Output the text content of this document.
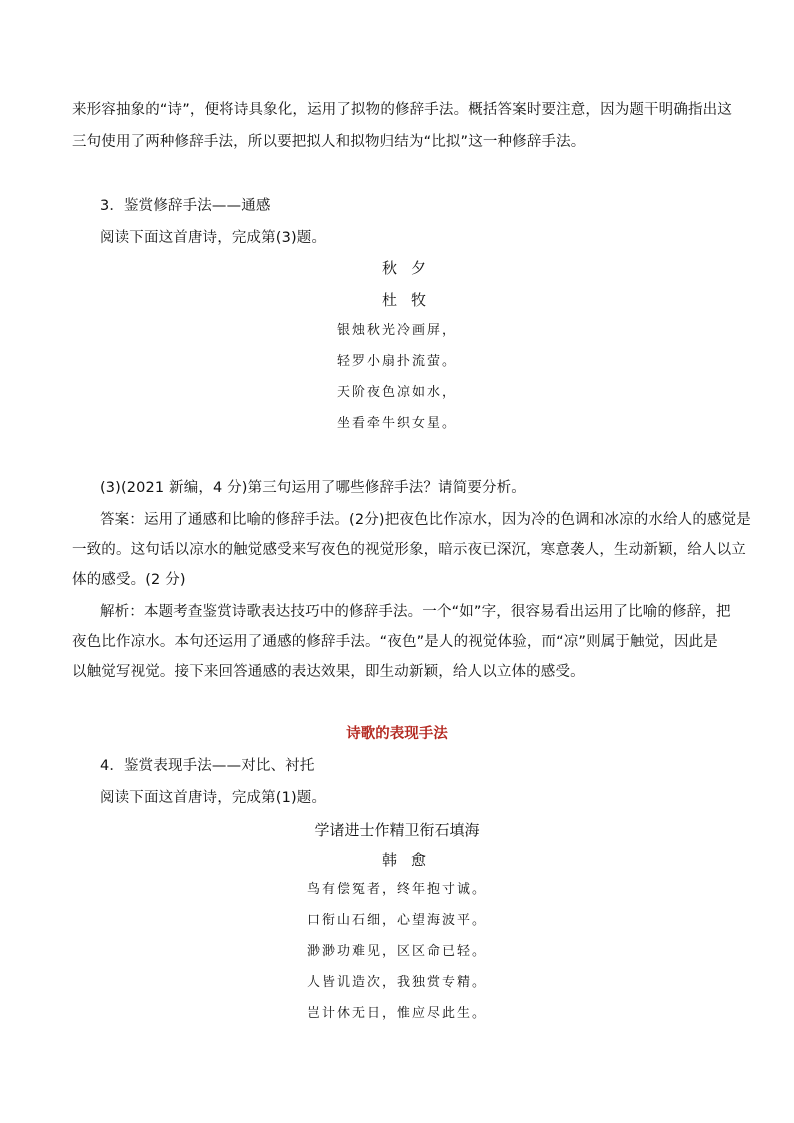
来形容抽象的“诗”，便将诗具象化，运用了拟物的修辞手法。概括答案时要注意，因为题干明确指出这
三句使用了两种修辞手法，所以要把拟人和拟物归结为“比拟”这一种修辞手法。
3．鉴赏修辞手法——通感
阅读下面这首唐诗，完成第(3)题。
秋夕
杜牧
银烛秋光冷画屏，
轻罗小扇扑流萤。
天阶夜色凉如水，
坐看牵牛织女星。
(3)(2021 新编，4 分)第三句运用了哪些修辞手法？请简要分析。
答案：运用了通感和比喻的修辞手法。(2分)把夜色比作凉水，因为冷的色调和冰凉的水给人的感觉是
一致的。这句话以凉水的触觉感受来写夜色的视觉形象，暗示夜已深沉，寒意袭人，生动新颖，给人以立
体的感受。(2 分)
解析：本题考查鉴赏诗歌表达技巧中的修辞手法。一个“如”字，很容易看出运用了比喻的修辞，把
夜色比作凉水。本句还运用了通感的修辞手法。“夜色”是人的视觉体验，而“凉”则属于触觉，因此是
以触觉写视觉。接下来回答通感的表达效果，即生动新颖，给人以立体的感受。
诗歌的表现手法
4．鉴赏表现手法——对比、衬托
阅读下面这首唐诗，完成第(1)题。
学诸进士作精卫衔石填海
韩愈
鸟有偿冤者，终年抱寸诚。
口衔山石细，心望海波平。
渺渺功难见，区区命已轻。
人皆讥造次，我独赏专精。
岂计休无日，惟应尽此生。
